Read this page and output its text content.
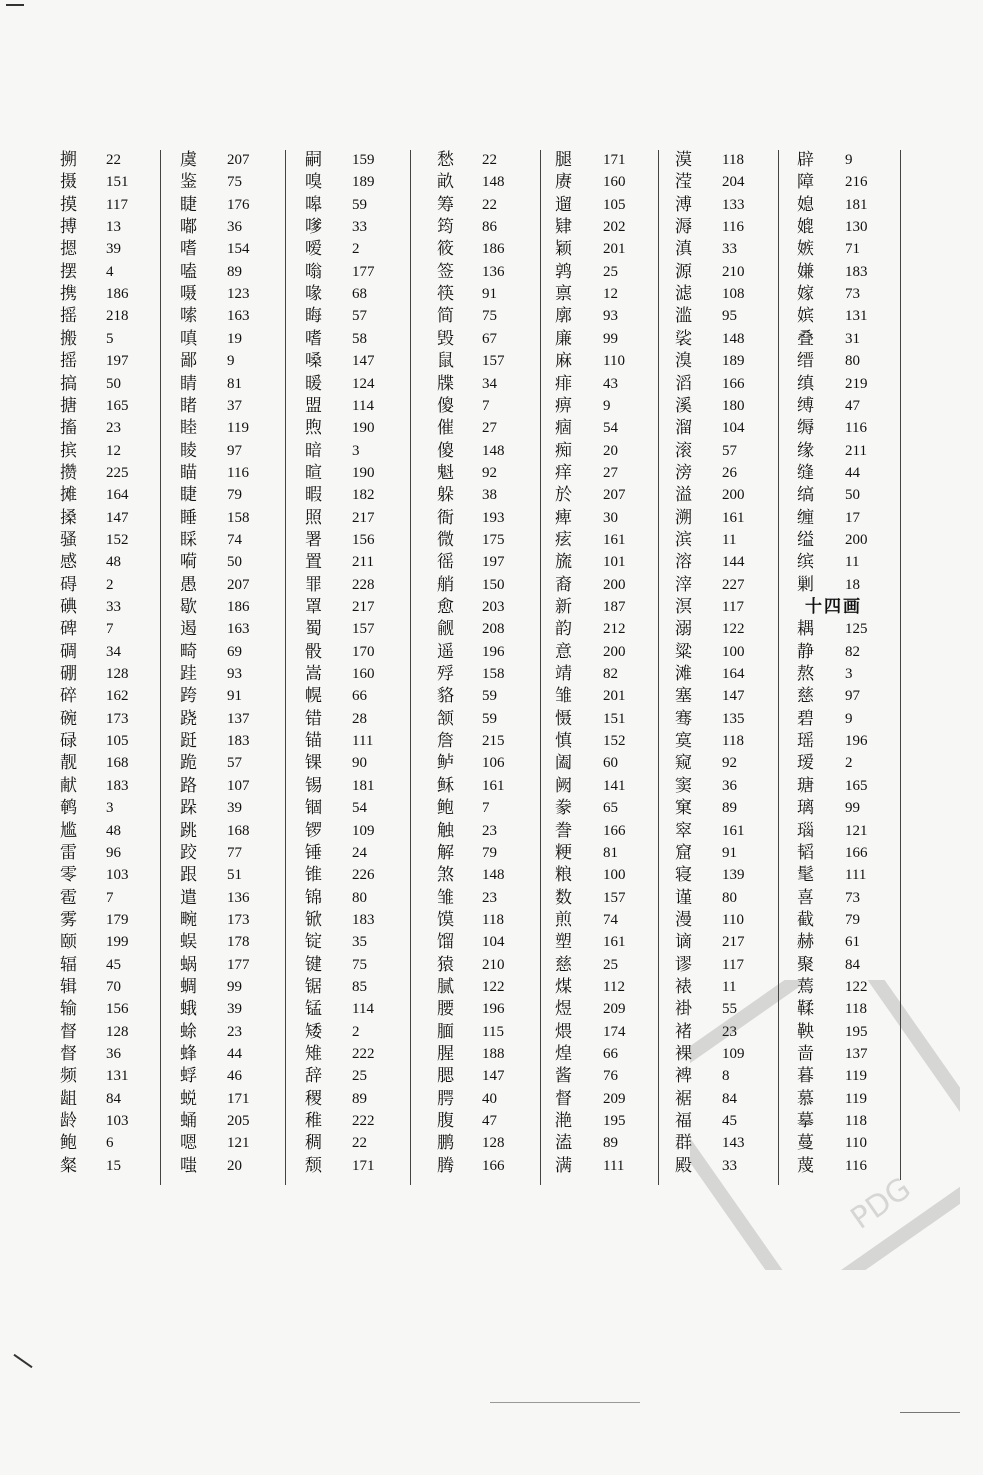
搠 22
摄 151
摸 117
搏 13
摁 39
摆 4
携 186
摇 218
搬 5
摇 197
搞 50
搪 165
搐 23
摈 12
攒 225
摊 164
搡 147
骚 152
感 48
碍 2
碘 33
碑 7
碉 34
硼 128
碎 162
碗 173
碌 105
靓 168
献 183
鹌 3
尴 48
雷 96
零 103
雹 7
雾 179
颐 199
辐 45
辑 70
输 156
督 128
督 36
频 131
龃 84
龄 103
鲍 6
粲 15
虞 207
鉴 75
睫 176
嘟 36
嗜 154
嗑 89
嗫 123
嗦 163
嗔 19
鄙 9
睛 81
睹 37
睦 119
睖 97
瞄 116
睫 79
睡 158
睬 74
嗬 50
愚 207
歇 186
遏 163
畸 69
跬 93
跨 91
跷 137
跹 183
跪 57
路 107
跺 39
跳 168
跤 77
跟 51
遣 136
畹 173
蜈 178
蜗 177
蜩 99
蛾 39
蜍 23
蜂 44
蜉 46
蜕 171
蛹 205
嗯 121
嗤 20
嗣 159
嗅 189
嗥 59
嗲 33
嗳 2
嗡 177
喙 68
晦 57
嗜 58
嗓 147
暖 124
盟 114
煦 190
暗 3
暄 190
暇 182
照 217
署 156
置 211
罪 228
罩 217
蜀 157
骰 170
嵩 160
幌 66
错 28
锚 111
锞 90
锡 181
锢 54
锣 109
锤 24
锥 226
锦 80
锨 183
锭 35
键 75
锯 85
锰 114
矮 2
雉 222
辞 25
稷 89
稚 222
稠 22
颓 171
愁 22
畝 148
筹 22
筠 86
筱 186
签 136
筷 91
简 75
毁 67
鼠 157
牒 34
傻 7
催 27
傻 148
魁 92
躲 38
衙 193
微 175
徭 197
艄 150
愈 203
觎 208
遥 196
殍 158
貉 59
颔 59
詹 215
鲈 106
稣 161
鲍 7
触 23
解 79
煞 148
雏 23
馍 118
馏 104
猿 210
腻 122
腰 196
腼 115
腥 188
腮 147
腭 40
腹 47
鹏 128
腾 166
腿 171
赓 160
遛 105
肄 202
颖 201
鹑 25
禀 12
廓 93
廉 99
麻 110
痱 43
痹 9
痼 54
痴 20
痒 27
於 207
痺 30
痃 161
旒 101
裔 200
新 187
韵 212
意 200
靖 82
雏 201
慑 151
慎 152
阖 60
阙 141
豢 65
誊 166
粳 81
粮 100
数 157
煎 74
塑 161
慈 25
煤 112
煜 209
煨 174
煌 66
酱 76
督 209
滟 195
溘 89
满 111
漠 118
滢 204
溥 133
溽 116
滇 33
源 210
滤 108
滥 95
裟 148
溴 189
滔 166
溪 180
溜 104
滚 57
滂 26
溢 200
溯 161
滨 11
溶 144
滓 227
溟 117
溺 122
粱 100
滩 164
塞 147
骞 135
寞 118
窥 92
窦 36
窠 89
窣 161
窟 91
寝 139
谨 80
漫 110
谪 217
谬 117
裱 11
褂 55
褚 23
裸 109
裨 8
裾 84
福 45
群 143
殿 33
辟 9
障 216
媳 181
媲 130
嫉 71
嫌 183
嫁 73
嫔 131
叠 31
缙 80
缜 219
缚 47
缛 116
缘 211
缝 44
缟 50
缠 17
缢 200
缤 11
剿 18
十四画
耦 125
静 82
熬 3
慈 97
碧 9
瑶 196
瑷 2
瑭 165
璃 99
瑙 121
韬 166
髦 111
喜 73
截 79
赫 61
聚 84
蔫 122
鞣 118
鞅 195
啬 137
暮 119
慕 119
摹 118
蔓 110
蔑 116
PDG
